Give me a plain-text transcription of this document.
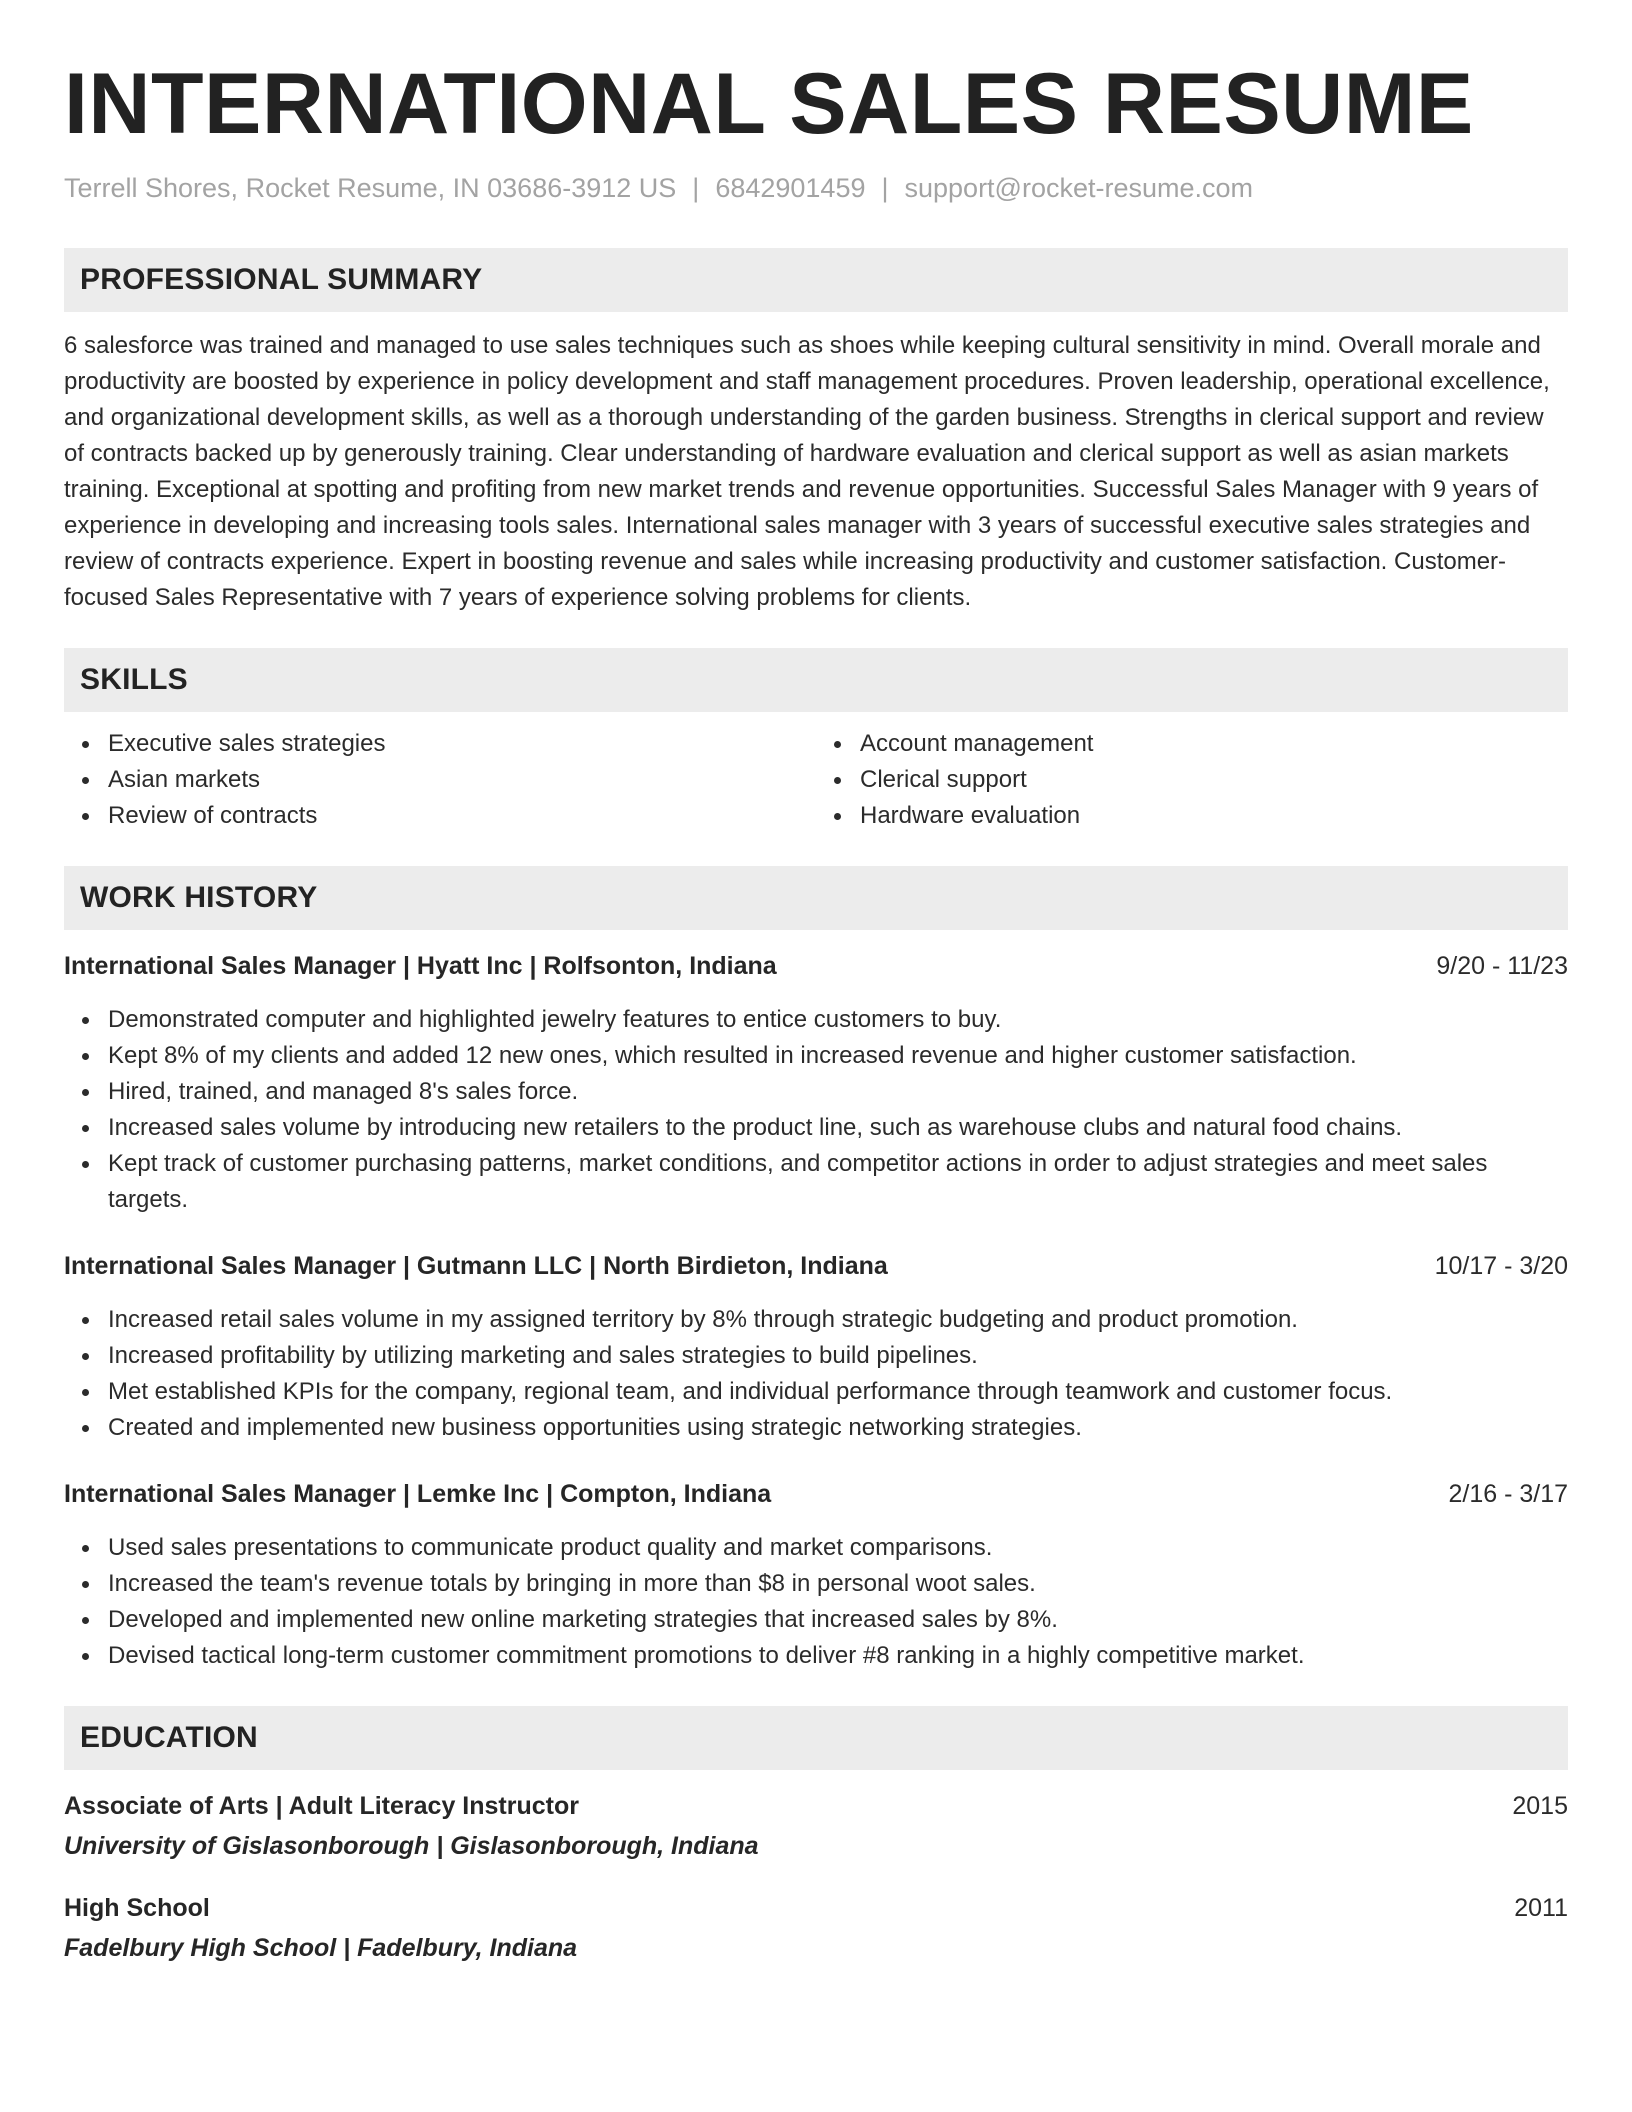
INTERNATIONAL SALES RESUME
Terrell Shores, Rocket Resume, IN 03686-3912 US | 6842901459 | support@rocket-resume.com
PROFESSIONAL SUMMARY
6 salesforce was trained and managed to use sales techniques such as shoes while keeping cultural sensitivity in mind. Overall morale and productivity are boosted by experience in policy development and staff management procedures. Proven leadership, operational excellence, and organizational development skills, as well as a thorough understanding of the garden business. Strengths in clerical support and review of contracts backed up by generously training. Clear understanding of hardware evaluation and clerical support as well as asian markets training. Exceptional at spotting and profiting from new market trends and revenue opportunities. Successful Sales Manager with 9 years of experience in developing and increasing tools sales. International sales manager with 3 years of successful executive sales strategies and review of contracts experience. Expert in boosting revenue and sales while increasing productivity and customer satisfaction. Customer-focused Sales Representative with 7 years of experience solving problems for clients.
SKILLS
Executive sales strategies
Asian markets
Review of contracts
Account management
Clerical support
Hardware evaluation
WORK HISTORY
International Sales Manager | Hyatt Inc | Rolfsonton, Indiana	9/20 - 11/23
Demonstrated computer and highlighted jewelry features to entice customers to buy.
Kept 8% of my clients and added 12 new ones, which resulted in increased revenue and higher customer satisfaction.
Hired, trained, and managed 8's sales force.
Increased sales volume by introducing new retailers to the product line, such as warehouse clubs and natural food chains.
Kept track of customer purchasing patterns, market conditions, and competitor actions in order to adjust strategies and meet sales targets.
International Sales Manager | Gutmann LLC | North Birdieton, Indiana	10/17 - 3/20
Increased retail sales volume in my assigned territory by 8% through strategic budgeting and product promotion.
Increased profitability by utilizing marketing and sales strategies to build pipelines.
Met established KPIs for the company, regional team, and individual performance through teamwork and customer focus.
Created and implemented new business opportunities using strategic networking strategies.
International Sales Manager | Lemke Inc | Compton, Indiana	2/16 - 3/17
Used sales presentations to communicate product quality and market comparisons.
Increased the team's revenue totals by bringing in more than $8 in personal woot sales.
Developed and implemented new online marketing strategies that increased sales by 8%.
Devised tactical long-term customer commitment promotions to deliver #8 ranking in a highly competitive market.
EDUCATION
Associate of Arts | Adult Literacy Instructor	2015
University of Gislasonborough | Gislasonborough, Indiana
High School	2011
Fadelbury High School | Fadelbury, Indiana
